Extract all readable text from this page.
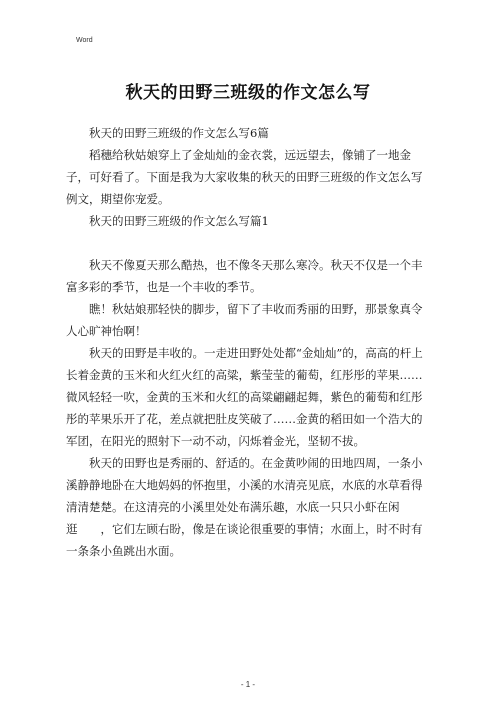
Word
秋天的田野三班级的作文怎么写

秋天的田野三班级的作文怎么写6篇

稻穗给秋姑娘穿上了金灿灿的金衣裳，远远望去，像铺了一地金子，可好看了。下面是我为大家收集的秋天的田野三班级的作文怎么写例文，期望你宠爱。

秋天的田野三班级的作文怎么写篇1

秋天不像夏天那么酷热，也不像冬天那么寒冷。秋天不仅是一个丰富多彩的季节，也是一个丰收的季节。

瞧！秋姑娘那轻快的脚步，留下了丰收而秀丽的田野，那景象真令人心旷神怡啊！

秋天的田野是丰收的。一走进田野处处都“金灿灿”的，高高的杆上长着金黄的玉米和火红火红的高粱，紫莹莹的葡萄，红彤彤的苹果……微风轻轻一吹，金黄的玉米和火红的高粱翩翩起舞，紫色的葡萄和红彤彤的苹果乐开了花，差点就把肚皮笑破了……金黄的稻田如一个浩大的军团，在阳光的照射下一动不动，闪烁着金光，坚韧不拔。

秋天的田野也是秀丽的、舒适的。在金黄吵闹的田地四周，一条小溪静静地卧在大地妈妈的怀抱里，小溪的水清亮见底，水底的水草看得清清楚楚。在这清亮的小溪里处处布满乐趣，水底一只只小虾在闲逛　　，它们左顾右盼，像是在谈论很重要的事情；水面上，时不时有一条条小鱼跳出水面。

- 1 -
